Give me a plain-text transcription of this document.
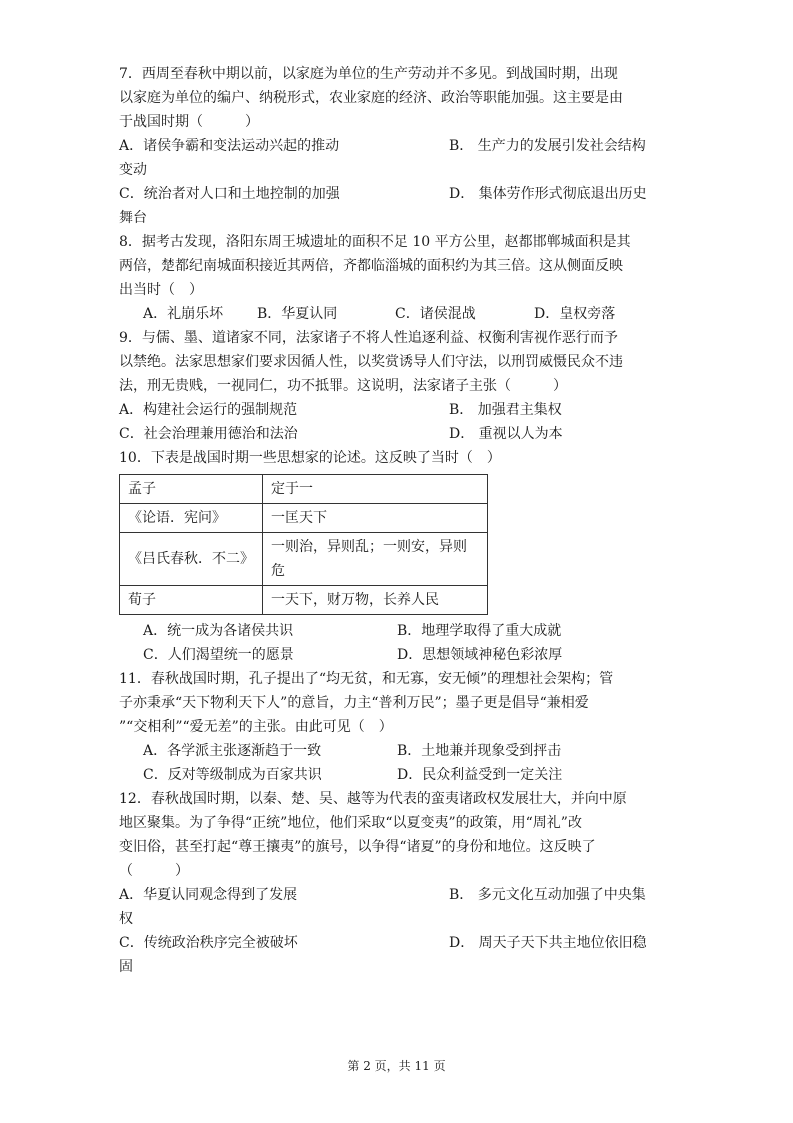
7．西周至春秋中期以前，以家庭为单位的生产劳动并不多见。到战国时期，出现
以家庭为单位的编户、纳税形式，农业家庭的经济、政治等职能加强。这主要是由
于战国时期（　　　）
A．诸侯争霸和变法运动兴起的推动	B． 生产力的发展引发社会结构
变动
C．统治者对人口和土地控制的加强	D． 集体劳作形式彻底退出历史
舞台
8．据考古发现，洛阳东周王城遗址的面积不足 10 平方公里，赵都邯郸城面积是其
两倍，楚都纪南城面积接近其两倍，齐都临淄城的面积约为其三倍。这从侧面反映
出当时（　）
A．礼崩乐坏 B．华夏认同	C．诸侯混战	D．皇权旁落
9．与儒、墨、道诸家不同，法家诸子不将人性追逐利益、权衡利害视作恶行而予
以禁绝。法家思想家们要求因循人性，以奖赏诱导人们守法，以刑罚威慑民众不违
法，刑无贵贱，一视同仁，功不抵罪。这说明，法家诸子主张（　　　）
A．构建社会运行的强制规范	B． 加强君主集权
C．社会治理兼用德治和法治	D． 重视以人为本
10．下表是战国时期一些思想家的论述。这反映了当时（　）
孟子	定于一
《论语．宪问》	一匡天下
《吕氏春秋．不二》	一则治，异则乱；一则安，异则危
荀子	一天下，财万物，长养人民
A．统一成为各诸侯共识	B．地理学取得了重大成就
C．人们渴望统一的愿景	D．思想领域神秘色彩浓厚
11．春秋战国时期，孔子提出了“均无贫，和无寡，安无倾”的理想社会架构；管
子亦秉承“天下物利天下人”的意旨，力主“普利万民”；墨子更是倡导“兼相爱
”“交相利”“爱无差”的主张。由此可见（　）
A．各学派主张逐渐趋于一致	B．土地兼并现象受到抨击
C．反对等级制成为百家共识	D．民众利益受到一定关注
12．春秋战国时期，以秦、楚、吴、越等为代表的蛮夷诸政权发展壮大，并向中原
地区聚集。为了争得“正统”地位，他们采取“以夏变夷”的政策，用“周礼”改
变旧俗，甚至打起“尊王攘夷”的旗号，以争得“诸夏”的身份和地位。这反映了
（　　　）
A．华夏认同观念得到了发展	B． 多元文化互动加强了中央集
权
C．传统政治秩序完全被破坏	D． 周天子天下共主地位依旧稳
固
第 2 页，共 11 页
